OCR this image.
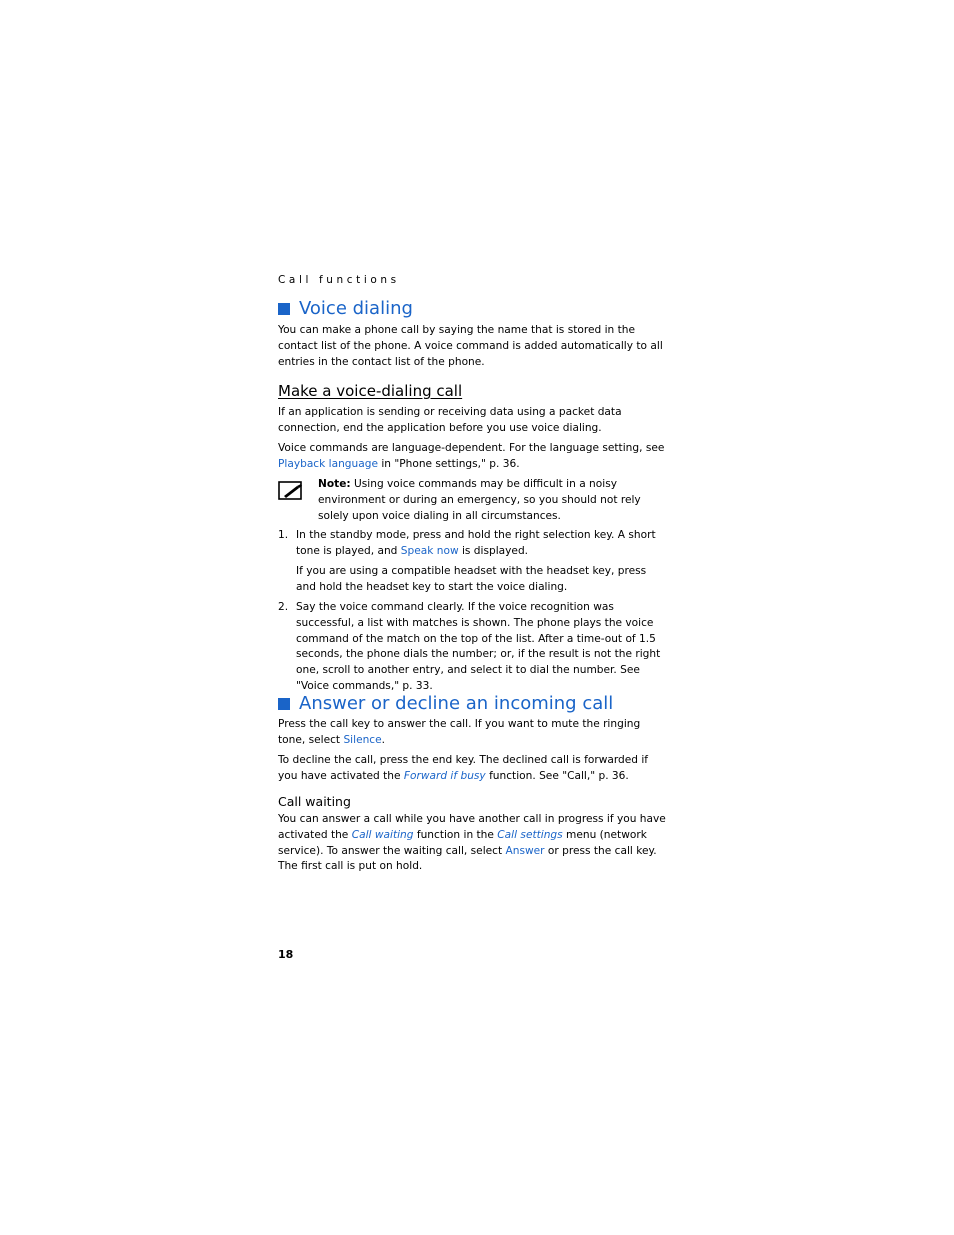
Call functions
Voice dialing

You can make a phone call by saying the name that is stored in the contact list of the phone. A voice command is added automatically to all entries in the contact list of the phone.

Make a voice-dialing call

If an application is sending or receiving data using a packet data connection, end the application before you use voice dialing.

Voice commands are language-dependent. For the language setting, see Playback language in "Phone settings," p. 36.

Note: Using voice commands may be difficult in a noisy environment or during an emergency, so you should not rely solely upon voice dialing in all circumstances.

1. In the standby mode, press and hold the right selection key. A short tone is played, and Speak now is displayed.

If you are using a compatible headset with the headset key, press and hold the headset key to start the voice dialing.

2. Say the voice command clearly. If the voice recognition was successful, a list with matches is shown. The phone plays the voice command of the match on the top of the list. After a time-out of 1.5 seconds, the phone dials the number; or, if the result is not the right one, scroll to another entry, and select it to dial the number. See "Voice commands," p. 33.

Answer or decline an incoming call

Press the call key to answer the call. If you want to mute the ringing tone, select Silence.

To decline the call, press the end key. The declined call is forwarded if you have activated the Forward if busy function. See "Call," p. 36.

Call waiting

You can answer a call while you have another call in progress if you have activated the Call waiting function in the Call settings menu (network service). To answer the waiting call, select Answer or press the call key. The first call is put on hold.

18
